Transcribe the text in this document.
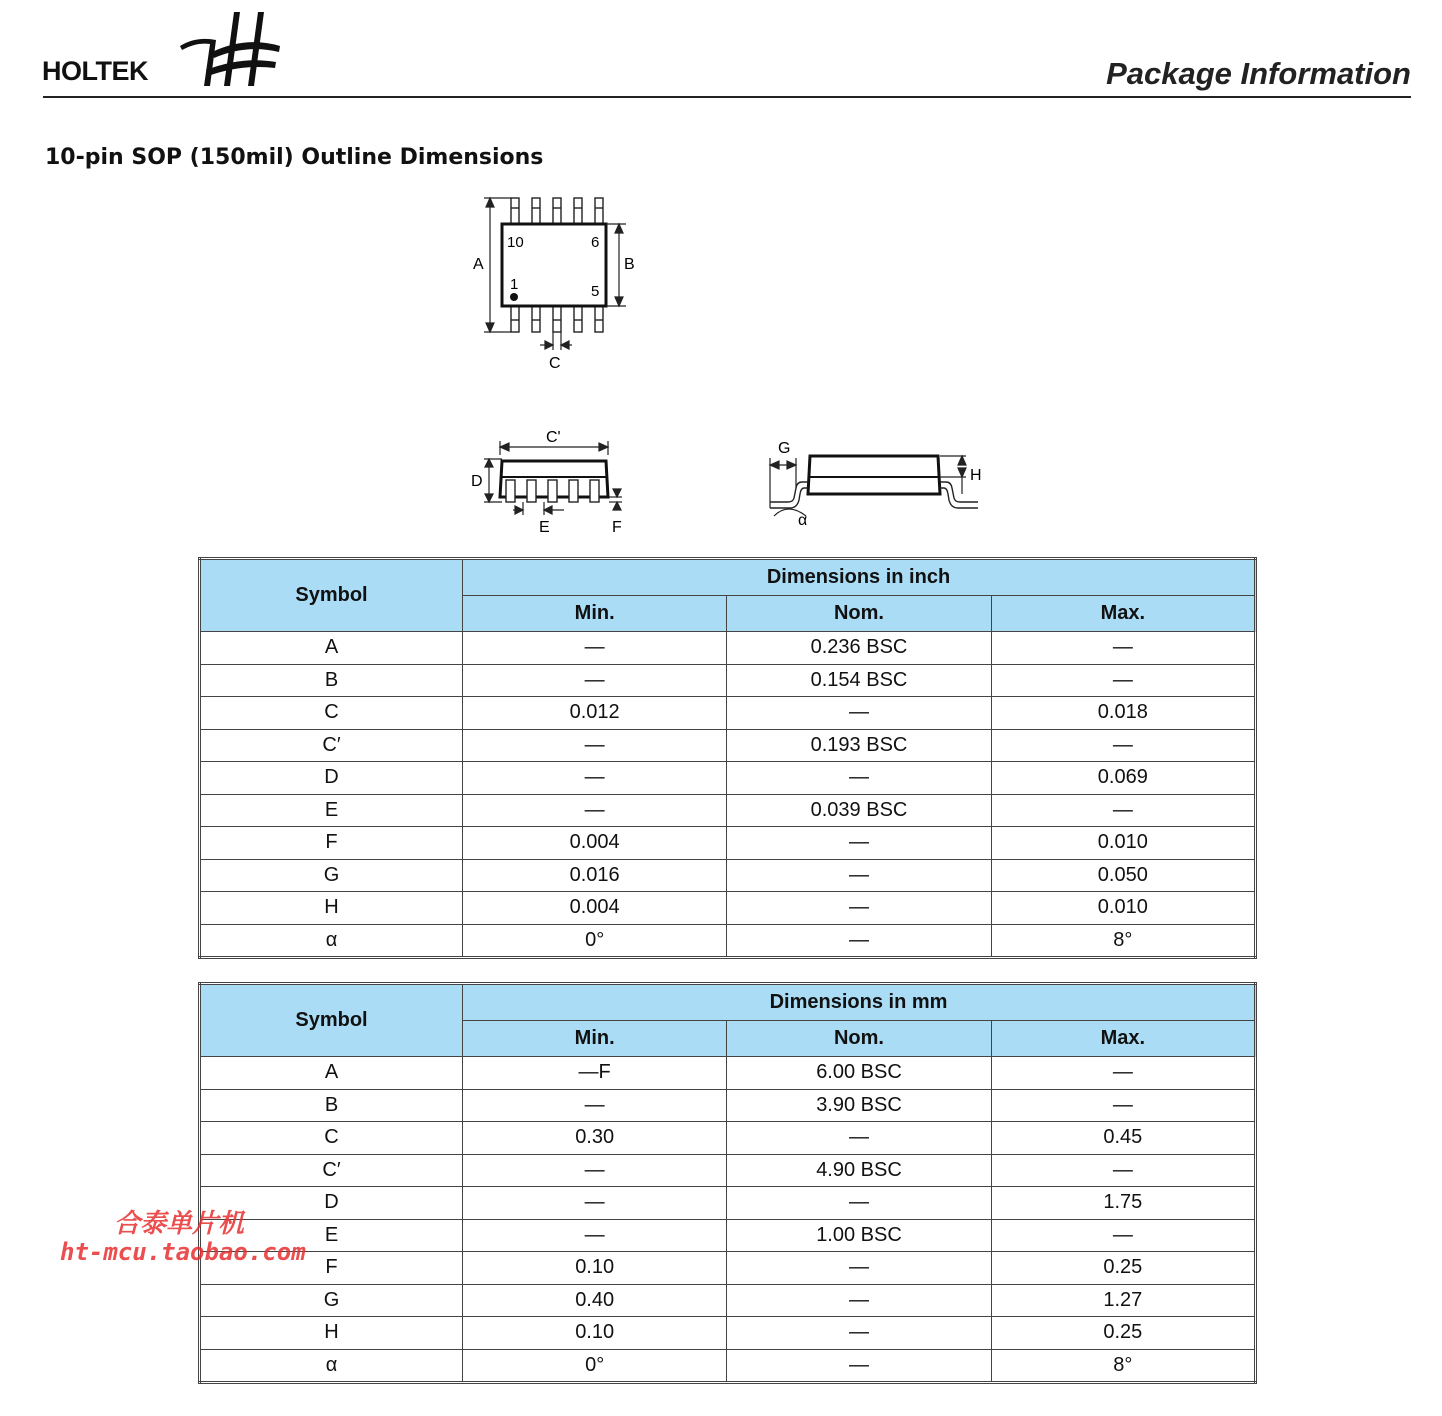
HOLTEK	Package Information
10-pin SOP (150mil) Outline Dimensions
10	6
1	5
A	B
C
C'
D
E	F
G
H
α
Symbol	Dimensions in inch		
	Min.	Nom.	Max.
A	—	0.236 BSC	—
B	—	0.154 BSC	—
C	0.012	—	0.018
C′	—	0.193 BSC	—
D	—	—	0.069
E	—	0.039 BSC	—
F	0.004	—	0.010
G	0.016	—	0.050
H	0.004	—	0.010
α	0°	—	8°
Symbol	Dimensions in mm		
	Min.	Nom.	Max.
A	—F	6.00 BSC	—
B	—	3.90 BSC	—
C	0.30	—	0.45
C′	—	4.90 BSC	—
D	—	—	1.75
E	—	1.00 BSC	—
F	0.10	—	0.25
G	0.40	—	1.27
H	0.10	—	0.25
α	0°	—	8°
合泰单片机
ht-mcu.taobao.com
